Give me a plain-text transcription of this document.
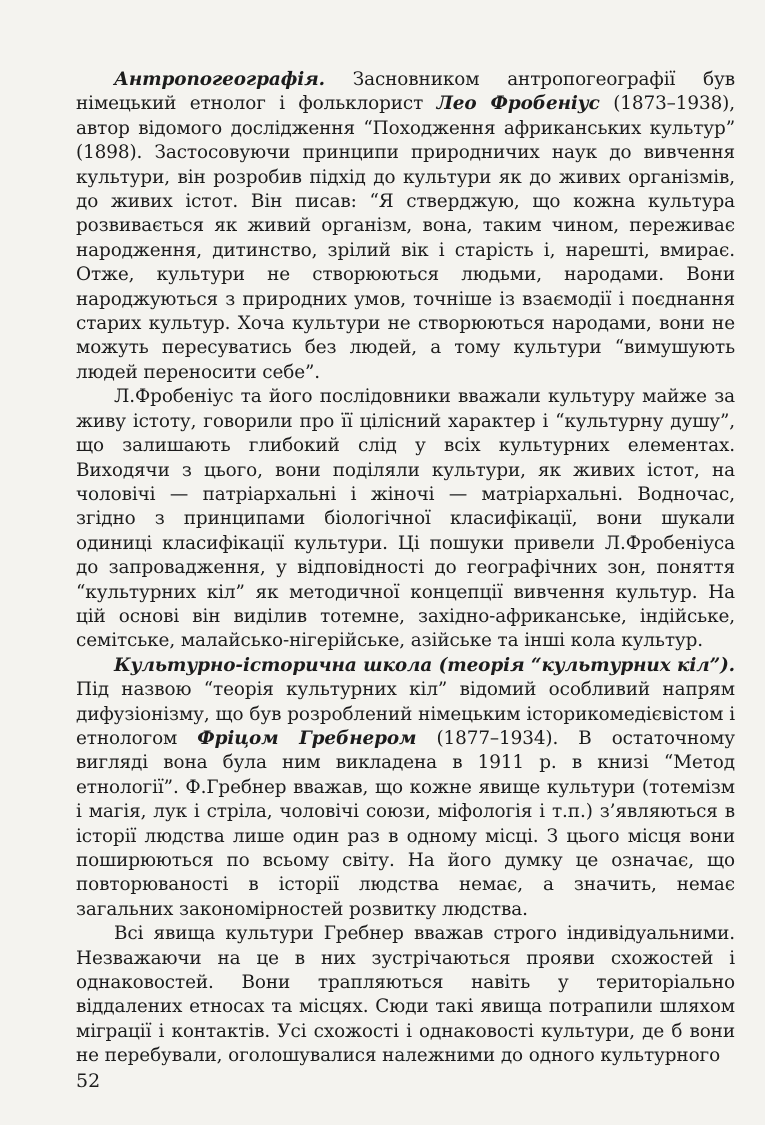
Антропогеографія. Засновником антропогеографії був німецький етнолог і фольклорист Лео Фробеніус (1873–1938), автор відомого дослідження “Походження африканських культур” (1898). Застосовуючи принципи природничих наук до вивчення культури, він розробив підхід до культури як до живих організмів, до живих істот. Він писав: “Я стверджую, що кожна культура розвивається як живий організм, вона, таким чином, переживає народження, дитинство, зрілий вік і старість і, нарешті, вмирає. Отже, культури не створюються людьми, народами. Вони народжуються з природних умов, точніше із взаємодії і поєднання старих культур. Хоча культури не створюються народами, вони не можуть пересуватись без людей, а тому культури “вимушують людей переносити себе”.

Л.Фробеніус та його послідовники вважали культуру майже за живу істоту, говорили про її цілісний характер і “культурну душу”, що залишають глибокий слід у всіх культурних елементах. Виходячи з цього, вони поділяли культури, як живих істот, на чоловічі — патріархальні і жіночі — матріархальні. Водночас, згідно з принципами біологічної класифікації, вони шукали одиниці класифікації культури. Ці пошуки привели Л.Фробеніуса до запровадження, у відповідності до географічних зон, поняття “культурних кіл” як методичної концепції вивчення культур. На цій основі він виділив тотемне, західно-африканське, індійське, семітське, малайсько-нігерійське, азійське та інші кола культур.

Культурно-історична школа (теорія “культурних кіл”). Під назвою “теорія культурних кіл” відомий особливий напрям дифузіонізму, що був розроблений німецьким історикомедієвістом і етнологом Фріцом Гребнером (1877–1934). В остаточному вигляді вона була ним викладена в 1911 р. в книзі “Метод етнології”. Ф.Гребнер вважав, що кожне явище культури (тотемізм і магія, лук і стріла, чоловічі союзи, міфологія і т.п.) з’являються в історії людства лише один раз в одному місці. З цього місця вони поширюються по всьому світу. На його думку це означає, що повторюваності в історії людства немає, а значить, немає загальних закономірностей розвитку людства.

Всі явища культури Гребнер вважав строго індивідуальними. Незважаючи на це в них зустрічаються прояви схожостей і однаковостей. Вони трапляються навіть у територіально віддалених етносах та місцях. Сюди такі явища потрапили шляхом міграції і контактів. Усі схожості і однаковості культури, де б вони не перебували, оголошувалися належними до одного культурного

52
